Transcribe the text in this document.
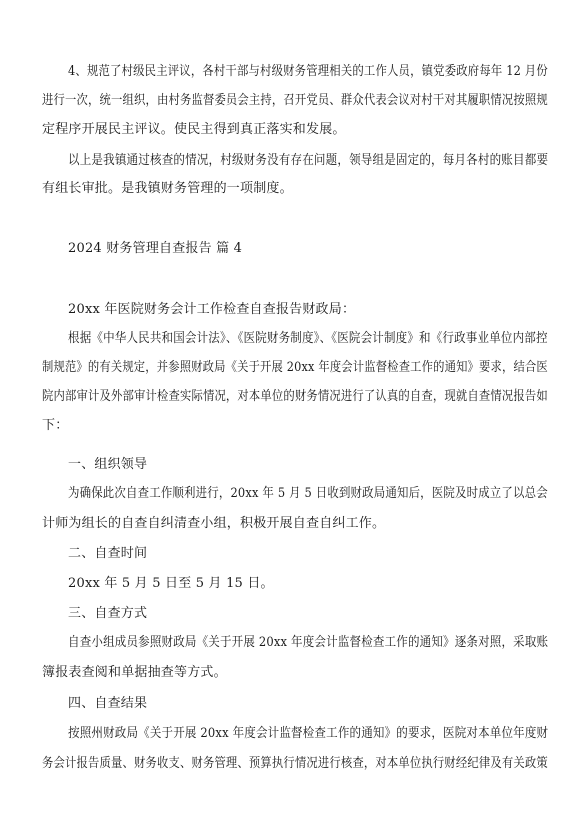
4、规范了村级民主评议，各村干部与村级财务管理相关的工作人员，镇党委政府每年 12 月份
进行一次，统一组织，由村务监督委员会主持，召开党员、群众代表会议对村干对其履职情况按照规
定程序开展民主评议。使民主得到真正落实和发展。
以上是我镇通过核查的情况，村级财务没有存在问题，领导组是固定的，每月各村的账目都要
有组长审批。是我镇财务管理的一项制度。
2024 财务管理自查报告 篇 4
20xx 年医院财务会计工作检查自查报告财政局：
根据《中华人民共和国会计法》、《医院财务制度》、《医院会计制度》和《行政事业单位内部控
制规范》的有关规定，并参照财政局《关于开展 20xx 年度会计监督检查工作的通知》要求，结合医
院内部审计及外部审计检查实际情况，对本单位的财务情况进行了认真的自查，现就自查情况报告如
下：
一、组织领导
为确保此次自查工作顺利进行，20xx 年 5 月 5 日收到财政局通知后，医院及时成立了以总会
计师为组长的自查自纠清查小组，积极开展自查自纠工作。
二、自查时间
20xx 年 5 月 5 日至 5 月 15 日。
三、自查方式
自查小组成员参照财政局《关于开展 20xx 年度会计监督检查工作的通知》逐条对照，采取账
簿报表查阅和单据抽查等方式。
四、自查结果
按照州财政局《关于开展 20xx 年度会计监督检查工作的通知》的要求，医院对本单位年度财
务会计报告质量、财务收支、财务管理、预算执行情况进行核查，对本单位执行财经纪律及有关政策
